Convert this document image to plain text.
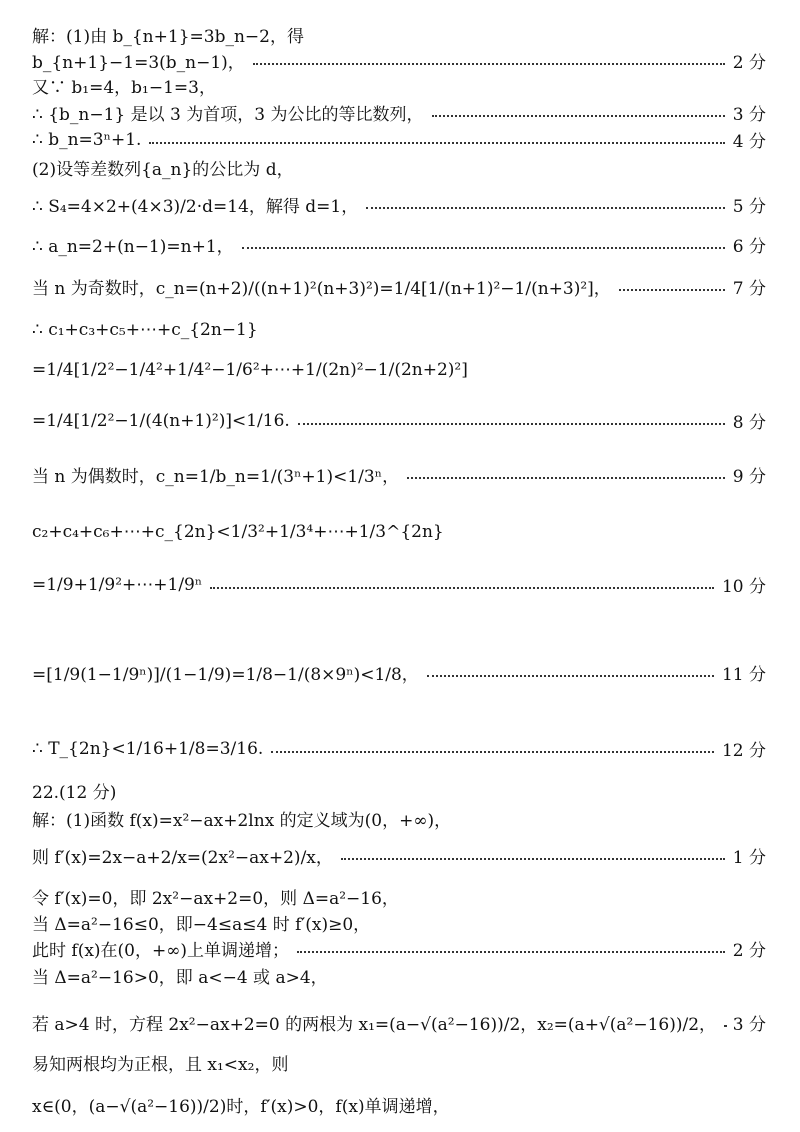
解：(1)由 b_{n+1}=3b_n−2，得
b_{n+1}−1=3(b_n−1)，	2 分
又∵ b₁=4，b₁−1=3，
∴ {b_n−1} 是以 3 为首项，3 为公比的等比数列，	3 分
∴ b_n=3ⁿ+1.	4 分
(2)设等差数列{a_n}的公比为 d，
∴ S₄=4×2+(4×3)/2·d=14，解得 d=1，	5 分
∴ a_n=2+(n−1)=n+1，	6 分
当 n 为奇数时，c_n=(n+2)/((n+1)²(n+3)²)=1/4[1/(n+1)²−1/(n+3)²]，	7 分
∴ c₁+c₃+c₅+⋯+c_{2n−1}
=1/4[1/2²−1/4²+1/4²−1/6²+⋯+1/(2n)²−1/(2n+2)²]
=1/4[1/2²−1/(4(n+1)²)]<1/16.	8 分
当 n 为偶数时，c_n=1/b_n=1/(3ⁿ+1)<1/3ⁿ，	9 分
c₂+c₄+c₆+⋯+c_{2n}<1/3²+1/3⁴+⋯+1/3^{2n}
=1/9+1/9²+⋯+1/9ⁿ	10 分
=[1/9(1−1/9ⁿ)]/(1−1/9)=1/8−1/(8×9ⁿ)<1/8，	11 分
∴ T_{2n}<1/16+1/8=3/16.	12 分
22.(12 分)
解：(1)函数 f(x)=x²−ax+2lnx 的定义域为(0，+∞)，
则 f′(x)=2x−a+2/x=(2x²−ax+2)/x，	1 分
令 f′(x)=0，即 2x²−ax+2=0，则 Δ=a²−16，
当 Δ=a²−16≤0，即−4≤a≤4 时 f′(x)≥0，
此时 f(x)在(0，+∞)上单调递增；	2 分
当 Δ=a²−16>0，即 a<−4 或 a>4，
若 a>4 时，方程 2x²−ax+2=0 的两根为 x₁=(a−√(a²−16))/2，x₂=(a+√(a²−16))/2， 3 分
易知两根均为正根，且 x₁<x₂，则
x∈(0，(a−√(a²−16))/2)时，f′(x)>0，f(x)单调递增，
